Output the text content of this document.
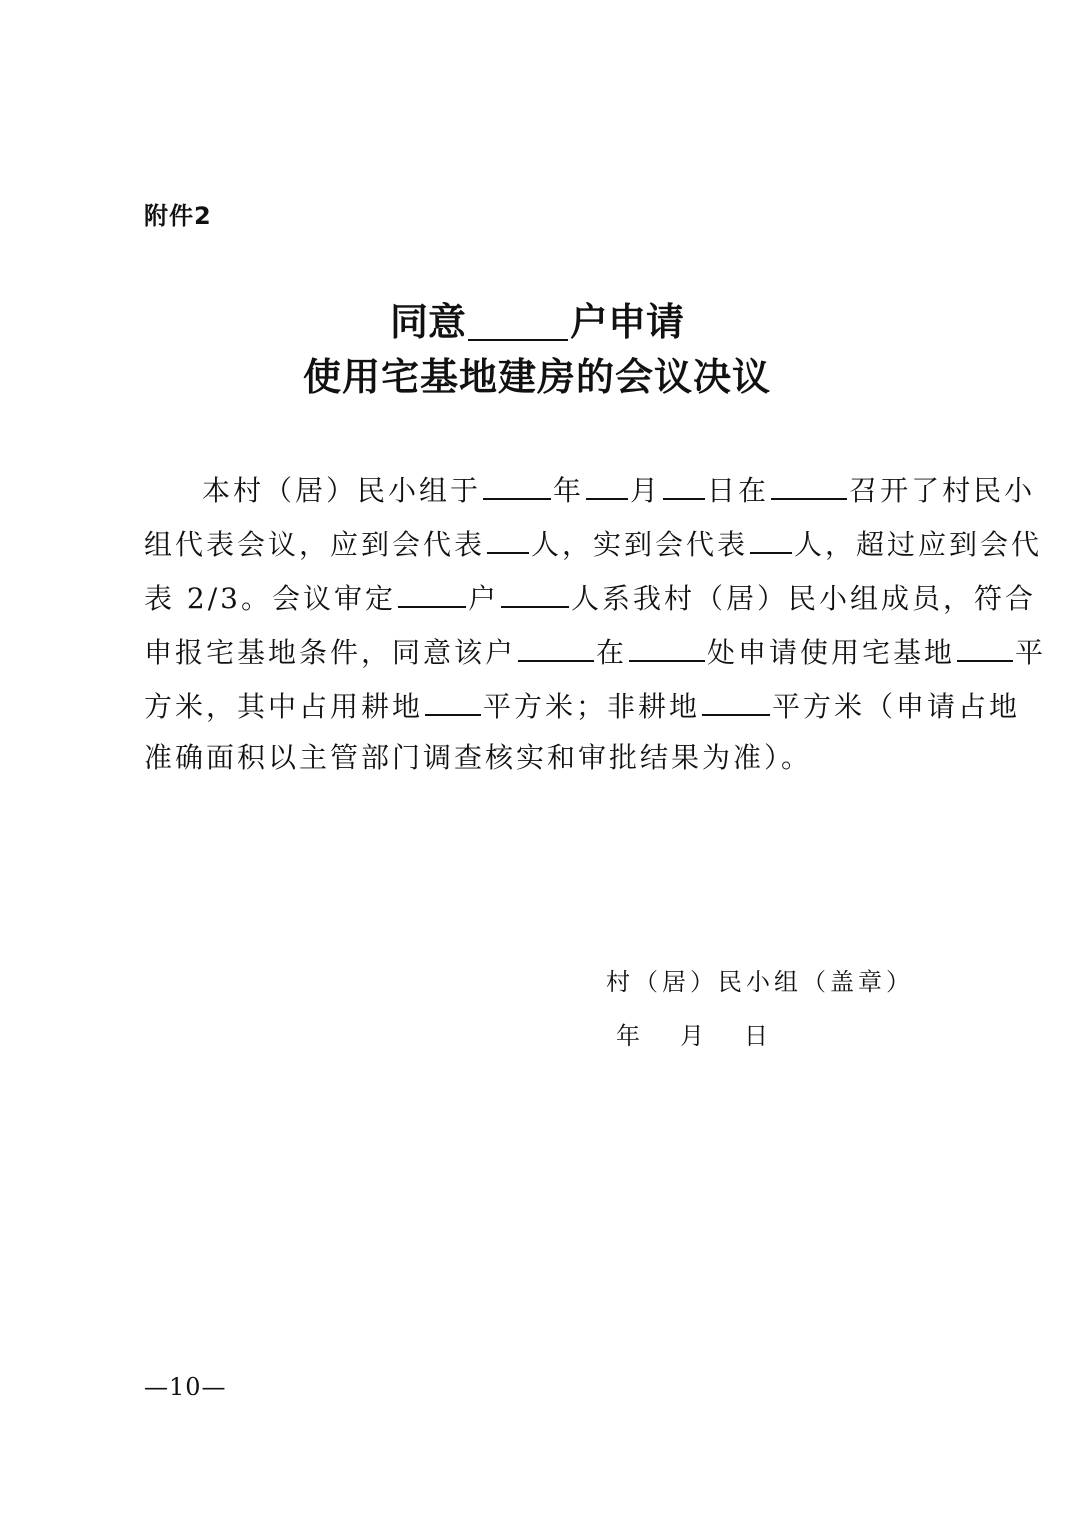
附件2
同意	户申请
使用宅基地建房的会议决议
本村（居）民小组于	年 月 日在	召开了村民小
组代表会议，应到会代表 人，实到会代表 人，超过应到会代
表 2/3。会议审定	户	人系我村（居）民小组成员，符合
申报宅基地条件，同意该户	在	处申请使用宅基地 平
方米，其中占用耕地 平方米；非耕地	平方米（申请占地
准确面积以主管部门调查核实和审批结果为准）。
村（居）民小组（盖章）
年 月 日
—10—
